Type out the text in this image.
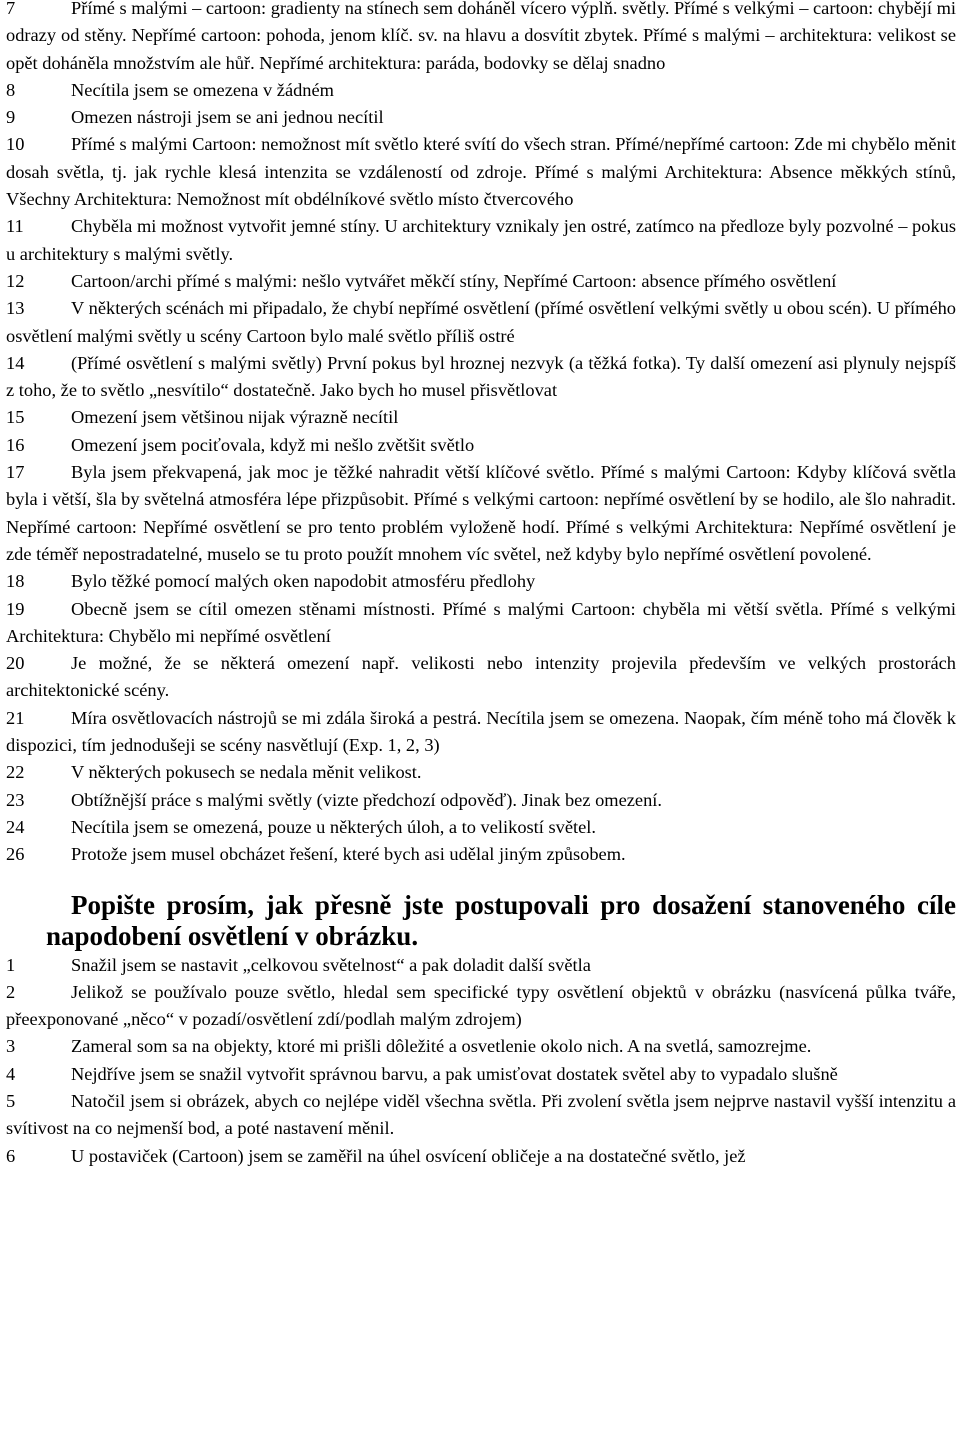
7	Přímé s malými – cartoon: gradienty na stínech sem doháněl vícero výplň. světly. Přímé s velkými – cartoon: chybějí mi odrazy od stěny. Nepřímé cartoon: pohoda, jenom klíč. sv. na hlavu a dosvítit zbytek. Přímé s malými – architektura: velikost se opět doháněla množstvím ale hůř. Nepřímé architektura: paráda, bodovky se dělaj snadno

8	Necítila jsem se omezena v žádném

9	Omezen nástroji jsem se ani jednou necítil

10	Přímé s malými Cartoon: nemožnost mít světlo které svítí do všech stran. Přímé/nepřímé cartoon: Zde mi chybělo měnit dosah světla, tj. jak rychle klesá intenzita se vzdáleností od zdroje. Přímé s malými Architektura: Absence měkkých stínů, Všechny Architektura: Nemožnost mít obdélníkové světlo místo čtvercového

11	Chyběla mi možnost vytvořit jemné stíny. U architektury vznikaly jen ostré, zatímco na předloze byly pozvolné – pokus u architektury s malými světly.

12	Cartoon/archi přímé s malými: nešlo vytvářet měkčí stíny, Nepřímé Cartoon: absence přímého osvětlení

13	V některých scénách mi připadalo, že chybí nepřímé osvětlení (přímé osvětlení velkými světly u obou scén). U přímého osvětlení malými světly u scény Cartoon bylo malé světlo příliš ostré

14	(Přímé osvětlení s malými světly) První pokus byl hroznej nezvyk (a těžká fotka). Ty další omezení asi plynuly nejspíš z toho, že to světlo „nesvítilo“ dostatečně. Jako bych ho musel přisvětlovat

15	Omezení jsem většinou nijak výrazně necítil

16	Omezení jsem pociťovala, když mi nešlo zvětšit světlo

17	Byla jsem překvapená, jak moc je těžké nahradit větší klíčové světlo. Přímé s malými Cartoon: Kdyby klíčová světla byla i větší, šla by světelná atmosféra lépe přizpůsobit. Přímé s velkými cartoon: nepřímé osvětlení by se hodilo, ale šlo nahradit. Nepřímé cartoon: Nepřímé osvětlení se pro tento problém vyloženě hodí. Přímé s velkými Architektura: Nepřímé osvětlení je zde téměř nepostradatelné, muselo se tu proto použít mnohem víc světel, než kdyby bylo nepřímé osvětlení povolené.

18	Bylo těžké pomocí malých oken napodobit atmosféru předlohy

19	Obecně jsem se cítil omezen stěnami místnosti. Přímé s malými Cartoon: chyběla mi větší světla. Přímé s velkými Architektura: Chybělo mi nepřímé osvětlení

20	Je možné, že se některá omezení např. velikosti nebo intenzity projevila především ve velkých prostorách architektonické scény.

21	Míra osvětlovacích nástrojů se mi zdála široká a pestrá. Necítila jsem se omezena. Naopak, čím méně toho má člověk k dispozici, tím jednodušeji se scény nasvětlují (Exp. 1, 2, 3)

22	V některých pokusech se nedala měnit velikost.

23	Obtížnější práce s malými světly (vizte předchozí odpověď). Jinak bez omezení.

24	Necítila jsem se omezená, pouze u některých úloh, a to velikostí světel.

26	Protože jsem musel obcházet řešení, které bych asi udělal jiným způsobem.

Popište prosím, jak přesně jste postupovali pro dosažení stanoveného cíle napodobení osvětlení v obrázku.

1	Snažil jsem se nastavit „celkovou světelnost“ a pak doladit další světla

2	Jelikož se používalo pouze světlo, hledal sem specifické typy osvětlení objektů v obrázku (nasvícená půlka tváře, přeexponované „něco“ v pozadí/osvětlení zdí/podlah malým zdrojem)

3	Zameral som sa na objekty, ktoré mi prišli dôležité a osvetlenie okolo nich. A na svetlá, samozrejme.

4	Nejdříve jsem se snažil vytvořit správnou barvu, a pak umisťovat dostatek světel aby to vypadalo slušně

5	Natočil jsem si obrázek, abych co nejlépe viděl všechna světla. Při zvolení světla jsem nejprve nastavil vyšší intenzitu a svítivost na co nejmenší bod, a poté nastavení měnil.

6	U postaviček (Cartoon) jsem se zaměřil na úhel osvícení obličeje a na dostatečné světlo, jež
